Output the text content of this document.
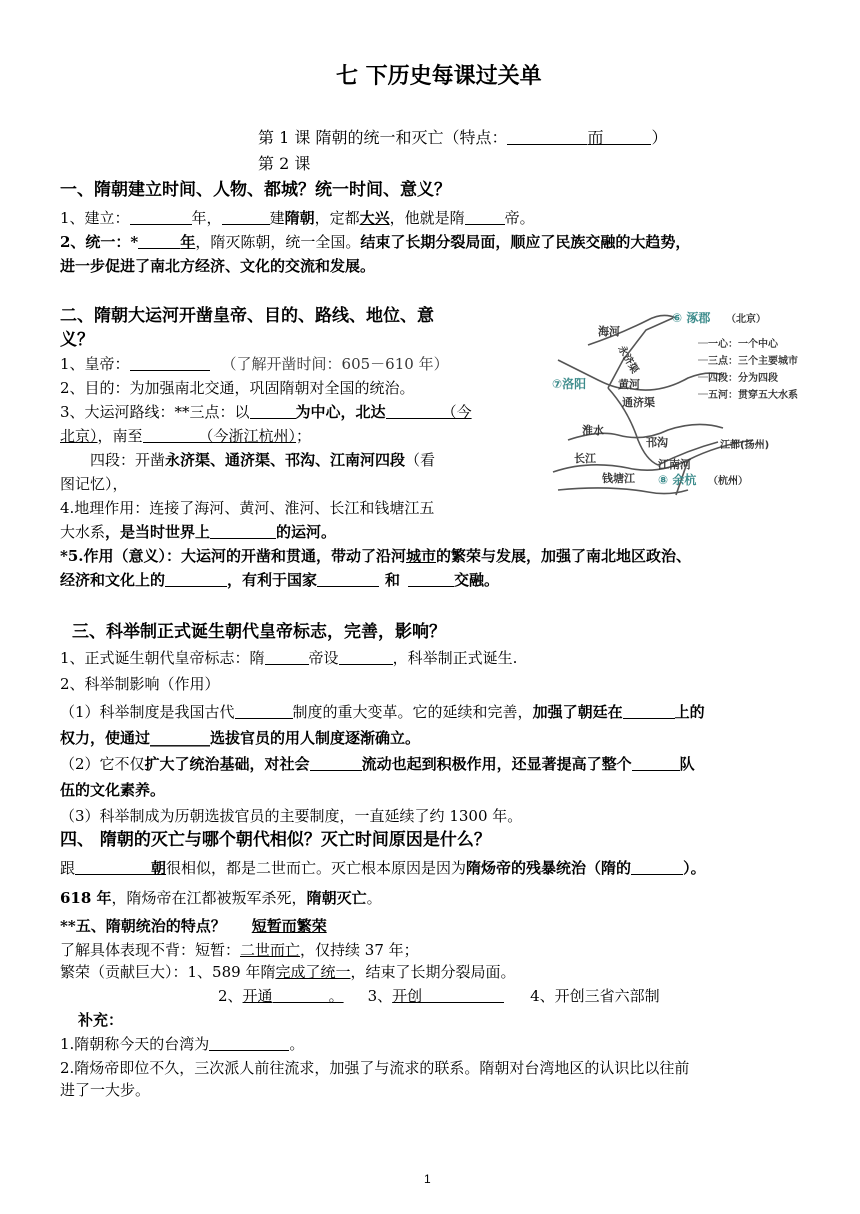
七 下历史每课过关单
第 1 课 隋朝的统一和灭亡（特点：	而	）
第 2 课
一、隋朝建立时间、人物、都城？统一时间、意义？
1、建立：	年，	建隋朝，定都大兴，他就是隋	帝。
2、统一：*	年，隋灭陈朝，统一全国。结束了长期分裂局面，顺应了民族交融的大趋势，
进一步促进了南北方经济、文化的交流和发展。
二、隋朝大运河开凿皇帝、目的、路线、地位、意
义？
1、皇帝：	（了解开凿时间：605－610 年）
2、目的：为加强南北交通，巩固隋朝对全国的统治。
3、大运河路线：**三点：以	为中心，北达	（今
北京），南至	（今浙江杭州）；
四段：开凿永济渠、通济渠、邗沟、江南河四段（看
图记忆），
4.地理作用：连接了海河、黄河、淮河、长江和钱塘江五
大水系，是当时世界上	的运河。
*5.作用（意义）：大运河的开凿和贯通，带动了沿河城市的繁荣与发展，加强了南北地区政治、
经济和文化上的	，有利于国家	和	交融。
海河
⑥ 涿郡 （北京）
永济渠
⑦洛阳	黄河
通济渠
淮水
邗沟	江都(扬州)
长江	江南河
钱塘江 ⑧ 余杭 （杭州）
一心：一个中心
三点：三个主要城市
四段：分为四段
五河：贯穿五大水系
三、科举制正式诞生朝代皇帝标志，完善，影响？
1、正式诞生朝代皇帝标志：隋	帝设	，科举制正式诞生.
2、科举制影响（作用）
（1）科举制度是我国古代	制度的重大变革。它的延续和完善，加强了朝廷在	上的
权力，使通过________选拔官员的用人制度逐渐确立。
（2）它不仅扩大了统治基础，对社会	流动也起到积极作用，还显著提高了整个	队
伍的文化素养。
（3）科举制成为历朝选拔官员的主要制度，一直延续了约 1300 年。
四、 隋朝的灭亡与哪个朝代相似？灭亡时间原因是什么？
跟	朝很相似，都是二世而亡。灭亡根本原因是因为隋炀帝的残暴统治（隋的	）。
618 年，隋炀帝在江都被叛军杀死，隋朝灭亡。
**五、隋朝统治的特点？ 短暂而繁荣
了解具体表现不背：短暂：二世而亡，仅持续 37 年；
繁荣（贡献巨大）：1、589 年隋完成了统一，结束了长期分裂局面。
2、开通	。 3、开创	4、开创三省六部制
补充：
1.隋朝称今天的台湾为	。
2.隋炀帝即位不久，三次派人前往流求，加强了与流求的联系。隋朝对台湾地区的认识比以往前
进了一大步。
1
